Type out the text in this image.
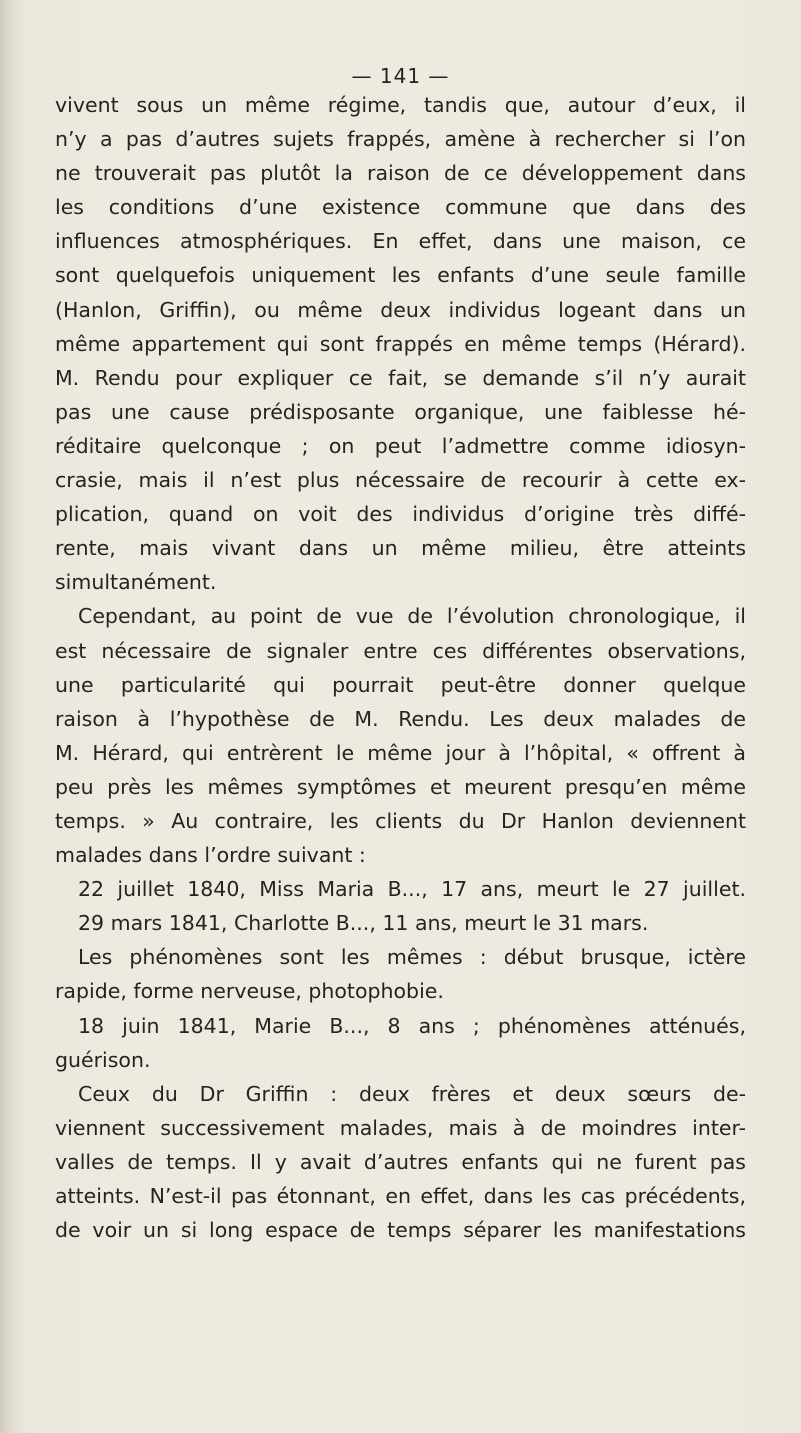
— 141 —
vivent sous un même régime, tandis que, autour d’eux, il
n’y a pas d’autres sujets frappés, amène à rechercher si l’on
ne trouverait pas plutôt la raison de ce développement dans
les conditions d’une existence commune que dans des
influences atmosphériques. En effet, dans une maison, ce
sont quelquefois uniquement les enfants d’une seule famille
(Hanlon, Griffin), ou même deux individus logeant dans un
même appartement qui sont frappés en même temps (Hérard).
M. Rendu pour expliquer ce fait, se demande s’il n’y aurait
pas une cause prédisposante organique, une faiblesse hé-
réditaire quelconque ; on peut l’admettre comme idiosyn-
crasie, mais il n’est plus nécessaire de recourir à cette ex-
plication, quand on voit des individus d’origine très diffé-
rente, mais vivant dans un même milieu, être atteints
simultanément.
Cependant, au point de vue de l’évolution chronologique, il
est nécessaire de signaler entre ces différentes observations,
une particularité qui pourrait peut-être donner quelque
raison à l’hypothèse de M. Rendu. Les deux malades de
M. Hérard, qui entrèrent le même jour à l’hôpital, « offrent à
peu près les mêmes symptômes et meurent presqu’en même
temps. » Au contraire, les clients du Dr Hanlon deviennent
malades dans l’ordre suivant :
22 juillet 1840, Miss Maria B..., 17 ans, meurt le 27 juillet.
29 mars 1841, Charlotte B..., 11 ans, meurt le 31 mars.
Les phénomènes sont les mêmes : début brusque, ictère
rapide, forme nerveuse, photophobie.
18 juin 1841, Marie B..., 8 ans ; phénomènes atténués,
guérison.
Ceux du Dr Griffin : deux frères et deux sœurs de-
viennent successivement malades, mais à de moindres inter-
valles de temps. Il y avait d’autres enfants qui ne furent pas
atteints. N’est-il pas étonnant, en effet, dans les cas précédents,
de voir un si long espace de temps séparer les manifestations
